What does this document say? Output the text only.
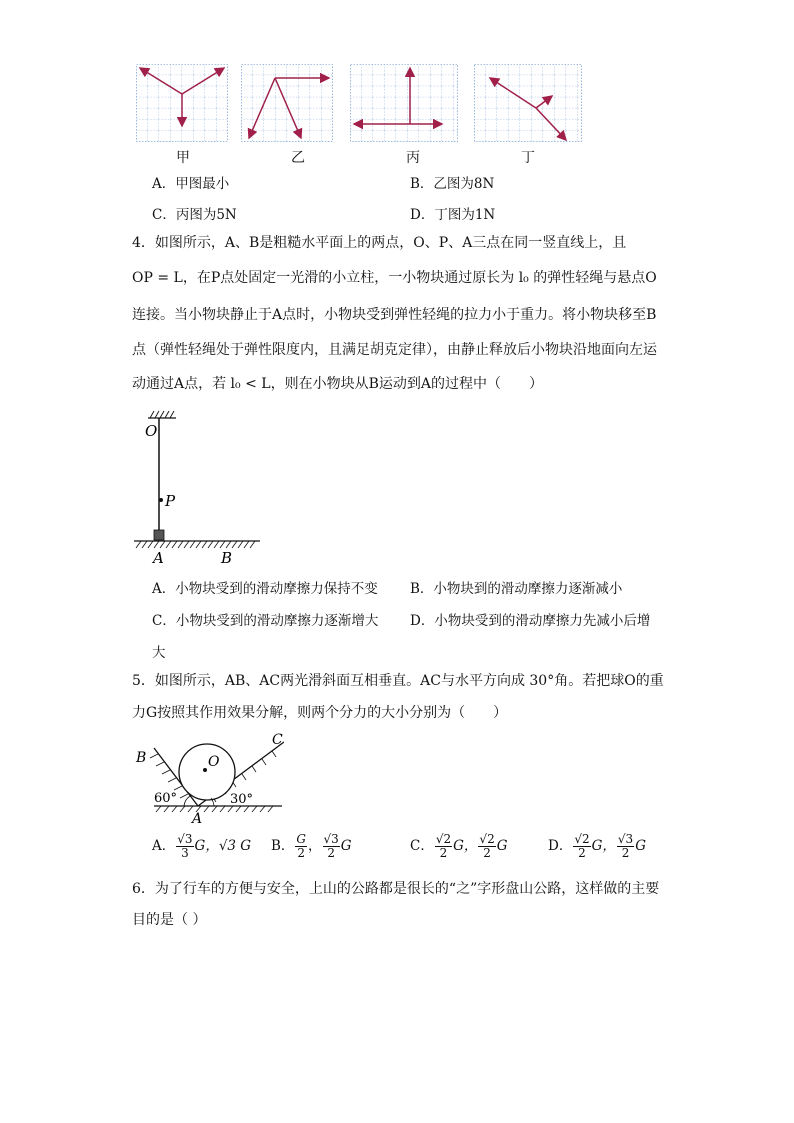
甲	乙	丙	丁
A．甲图最小	B．乙图为8N
C．丙图为5N	D．丁图为1N
4．如图所示，A、B是粗糙水平面上的两点，O、P、A三点在同一竖直线上，且
OP = L，在P点处固定一光滑的小立柱，一小物块通过原长为 l₀ 的弹性轻绳与悬点O
连接。当小物块静止于A点时，小物块受到弹性轻绳的拉力小于重力。将小物块移至B
点（弹性轻绳处于弹性限度内，且满足胡克定律），由静止释放后小物块沿地面向左运
动通过A点，若 l₀ < L，则在小物块从B运动到A的过程中（　　）
O
P
A	B
A．小物块受到的滑动摩擦力保持不变 B．小物块到的滑动摩擦力逐渐减小
C．小物块受到的滑动摩擦力逐渐增大 D．小物块受到的滑动摩擦力先减小后增
大
5．如图所示，AB、AC两光滑斜面互相垂直。AC与水平方向成 30°角。若把球O的重
力G按照其作用效果分解，则两个分力的大小分别为（　　）
B
C
O
A
60°	30°
A． $\frac{√3}{3}$ G，√3 G B． $\frac{G}{2}$ ， $\frac{√3}{2}$ G	C． $\frac{√2}{2}$ G， $\frac{√2}{2}$ G	D． $\frac{√2}{2}$ G， $\frac{√3}{2}$ G
6．为了行车的方便与安全，上山的公路都是很长的“之”字形盘山公路，这样做的主要
目的是（ ）
